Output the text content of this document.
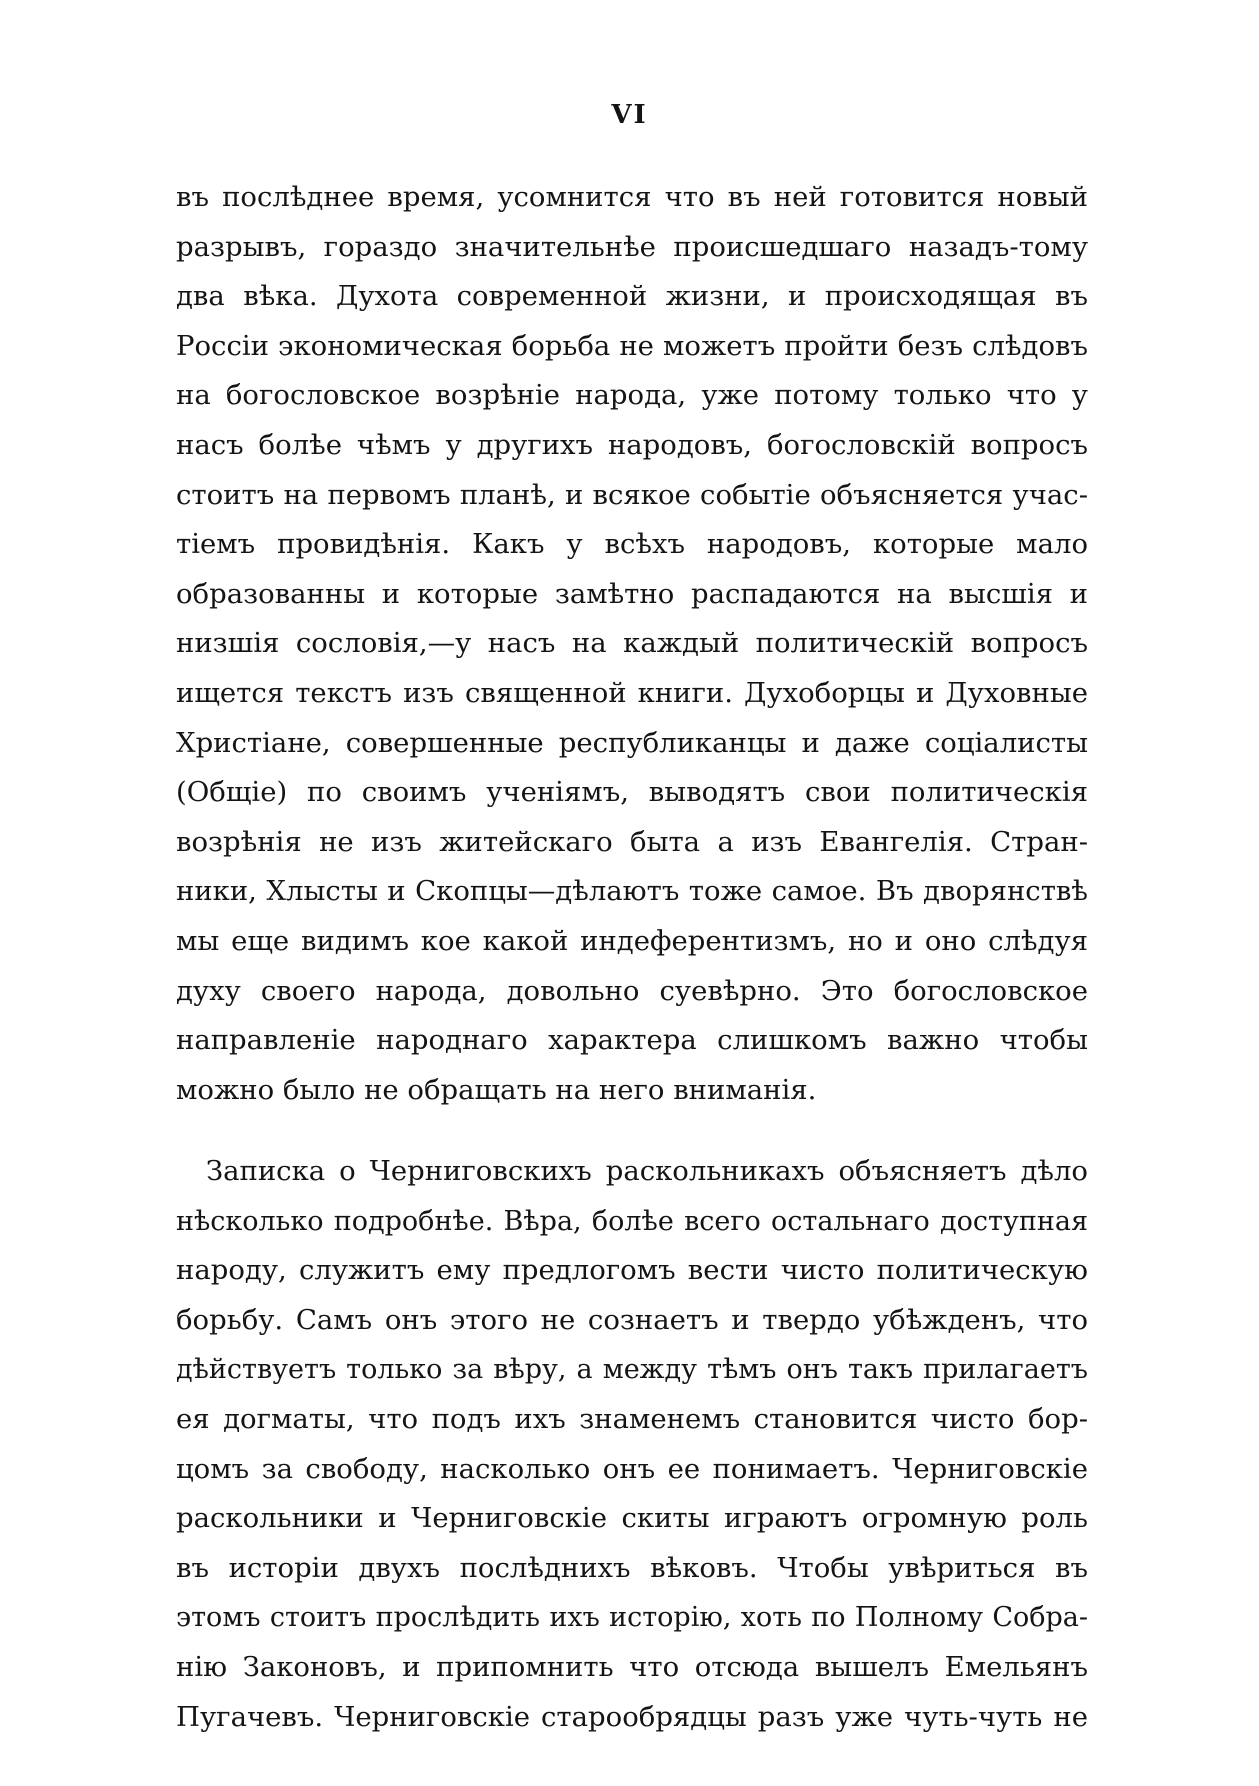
VI
въ послѣднее время, усомнится что въ ней готовится новый
разрывъ, гораздо значительнѣе происшедшаго назадъ-тому
два вѣка. Духота современной жизни, и происходящая въ
Россіи экономическая борьба не можетъ пройти безъ слѣдовъ
на богословское возрѣніе народа, уже потому только что у
насъ болѣе чѣмъ у другихъ народовъ, богословскій вопросъ
стоитъ на первомъ планѣ, и всякое событіе объясняется учас-
тіемъ провидѣнія. Какъ у всѣхъ народовъ, которые мало
образованны и которые замѣтно распадаются на высшія и
низшія сословія,—у насъ на каждый политическій вопросъ
ищется текстъ изъ священной книги. Духоборцы и Духовные
Христіане, совершенные республиканцы и даже соціалисты
(Общіе) по своимъ ученіямъ, выводятъ свои политическія
возрѣнія не изъ житейскаго быта а изъ Евангелія. Стран-
ники, Хлысты и Скопцы—дѣлаютъ тоже самое. Въ дворянствѣ
мы еще видимъ кое какой индеферентизмъ, но и оно слѣдуя
духу своего народа, довольно суевѣрно. Это богословское
направленіе народнаго характера слишкомъ важно чтобы
можно было не обращать на него вниманія.
Записка о Черниговскихъ раскольникахъ объясняетъ дѣло
нѣсколько подробнѣе. Вѣра, болѣе всего остальнаго доступная
народу, служитъ ему предлогомъ вести чисто политическую
борьбу. Самъ онъ этого не сознаетъ и твердо убѣжденъ, что
дѣйствуетъ только за вѣру, а между тѣмъ онъ такъ прилагаетъ
ея догматы, что подъ ихъ знаменемъ становится чисто бор-
цомъ за свободу, насколько онъ ее понимаетъ. Черниговскіе
раскольники и Черниговскіе скиты играютъ огромную роль
въ исторіи двухъ послѣднихъ вѣковъ. Чтобы увѣриться въ
этомъ стоитъ прослѣдить ихъ исторію, хоть по Полному Собра-
нію Законовъ, и припомнить что отсюда вышелъ Емельянъ
Пугачевъ. Черниговскіе старообрядцы разъ уже чуть-чуть не
